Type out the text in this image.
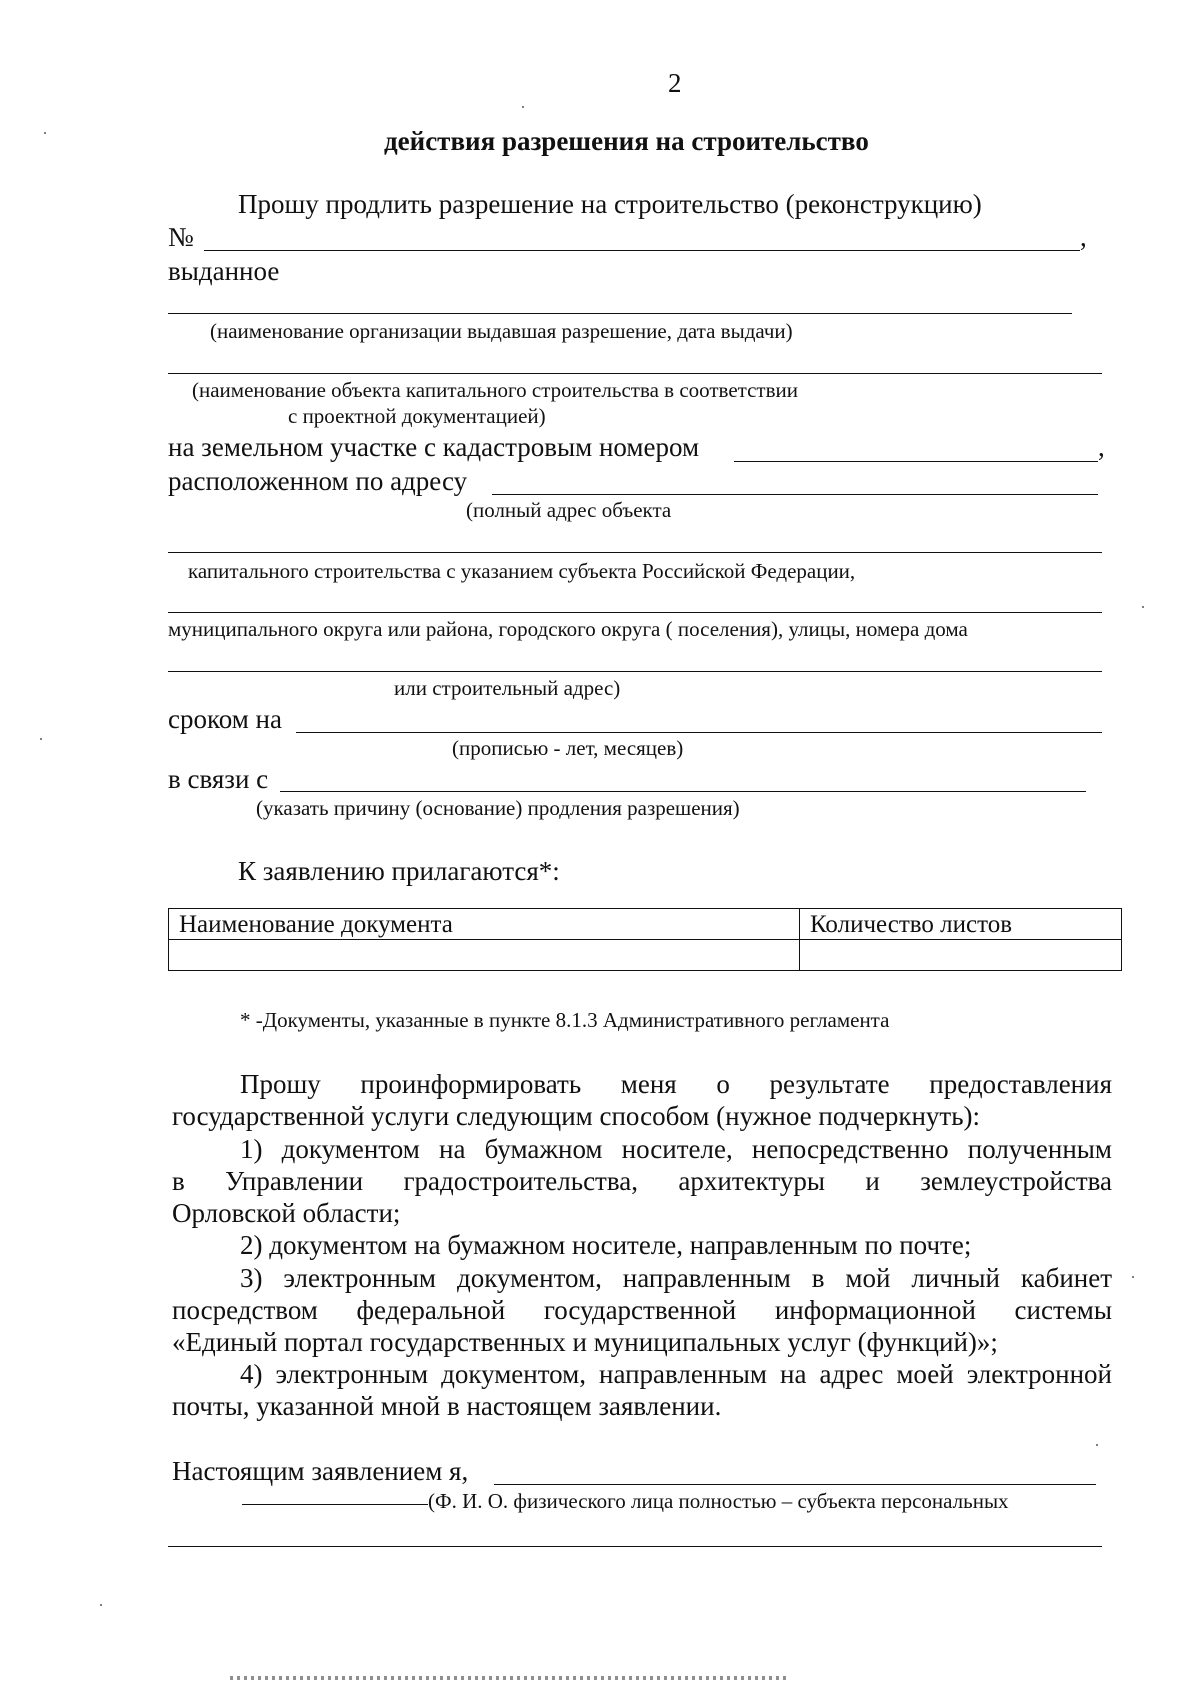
2
действия разрешения на строительство
Прошу продлить разрешение на строительство (реконструкцию)
№	,
выданное
(наименование организации выдавшая разрешение, дата выдачи)
(наименование объекта капитального строительства в соответствии
с проектной документацией)
на земельном участке с кадастровым номером	,
расположенном по адресу
(полный адрес объекта
капитального строительства с указанием субъекта Российской Федерации,
муниципального округа или района, городского округа ( поселения), улицы, номера дома
или строительный адрес)
сроком на
(прописью - лет, месяцев)
в связи с
(указать причину (основание) продления разрешения)
К заявлению прилагаются*:
Наименование документа	Количество листов

* -Документы, указанные в пункте 8.1.3 Административного регламента
Прошу проинформировать меня о результате предоставления
государственной услуги следующим способом (нужное подчеркнуть):
1) документом на бумажном носителе, непосредственно полученным
в Управлении градостроительства, архитектуры и землеустройства
Орловской области;
2) документом на бумажном носителе, направленным по почте;
3) электронным документом, направленным в мой личный кабинет
посредством федеральной государственной информационной системы
«Единый портал государственных и муниципальных услуг (функций)»;
4) электронным документом, направленным на адрес моей электронной
почты, указанной мной в настоящем заявлении.
Настоящим заявлением я,
(Ф. И. О. физического лица полностью – субъекта персональных
